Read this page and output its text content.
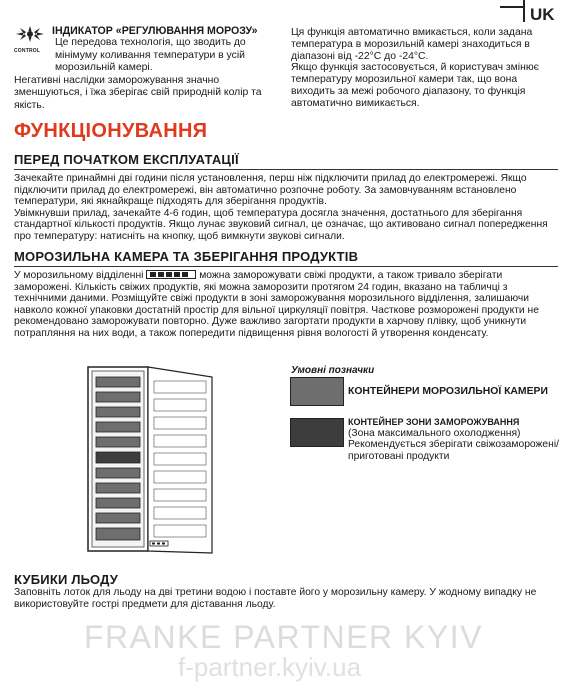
UK
CONTROL
ІНДИКАТОР «РЕГУЛЮВАННЯ МОРОЗУ»
Це передова технологія, що зводить до мінімуму коливання температури в усій морозильній камері.
Негативні наслідки заморожування значно зменшуються, і їжа зберігає свій природній колір та якість.
Ця функція автоматично вмикається, коли задана температура в морозильній камері знаходиться в діапазоні від -22°C до -24°C.
Якщо функція застосовується, й користувач змінює температуру морозильної камери так, що вона виходить за межі робочого діапазону, то функція автоматично вимикається.
ФУНКЦІОНУВАННЯ
ПЕРЕД ПОЧАТКОМ ЕКСПЛУАТАЦІЇ
Зачекайте принаймні дві години після установлення, перш ніж підключити прилад до електромережі. Якщо підключити прилад до електромережі, він автоматично розпочне роботу. За замовчуванням встановлено температури, які якнайкраще підходять для зберігання продуктів.
Увімкнувши прилад, зачекайте 4-6 годин, щоб температура досягла значення, достатнього для зберігання стандартної кількості продуктів. Якщо лунає звуковий сигнал, це означає, що активовано сигнал попередження про температуру: натисніть на кнопку, щоб вимкнути звукові сигнали.
МОРОЗИЛЬНА КАМЕРА ТА ЗБЕРІГАННЯ ПРОДУКТІВ
У морозильному відділенні	можна заморожувати свіжі продукти, а також тривало зберігати заморожені. Кількість свіжих продуктів, які можна заморозити протягом 24 годин, вказано на табличці з технічними даними. Розміщуйте свіжі продукти в зоні заморожування морозильного відділення, залишаючи навколо кожної упаковки достатній простір для вільної циркуляції повітря. Часткове розморожені продукти не рекомендовано заморожувати повторно. Дуже важливо загортати продукти в харчову плівку, щоб уникнути потрапляння на них води, а також попередити підвищення рівня вологості й утворення конденсату.
Умовні позначки
КОНТЕЙНЕРИ МОРОЗИЛЬНОЇ КАМЕРИ
КОНТЕЙНЕР ЗОНИ ЗАМОРОЖУВАННЯ
(Зона максимального охолодження) Рекомендується зберігати свіжозаморожені/приготовані продукти
КУБИКИ ЛЬОДУ
Заповніть лоток для льоду на дві третини водою і поставте його у морозильну камеру. У жодному випадку не використовуйте гострі предмети для діставання льоду.
FRANKE PARTNER KYIV
f-partner.kyiv.ua
